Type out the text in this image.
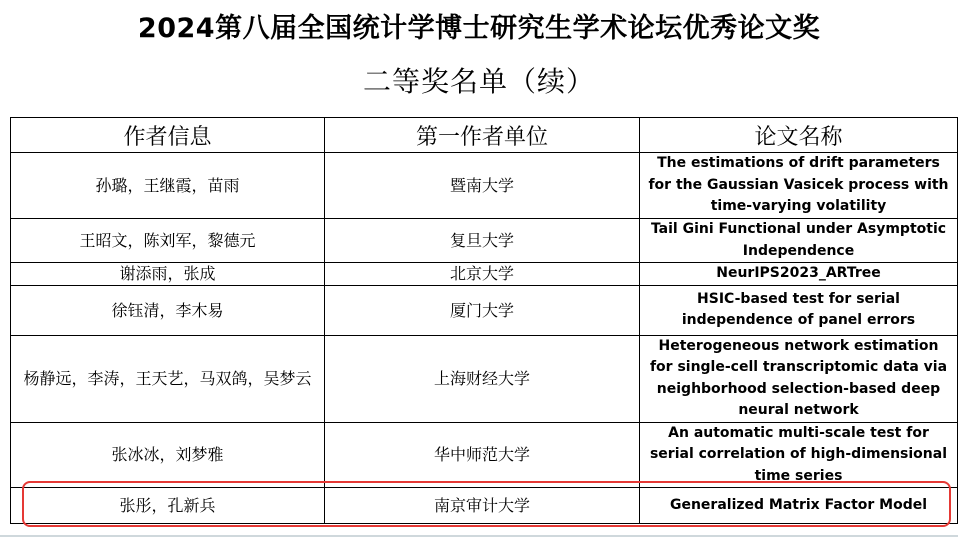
2024第八届全国统计学博士研究生学术论坛优秀论文奖
二等奖名单（续）
作者信息	第一作者单位	论文名称
孙璐，王继霞，苗雨	暨南大学	The estimations of drift parameters for the Gaussian Vasicek process with time-varying volatility
王昭文，陈刘军，黎德元	复旦大学	Tail Gini Functional under Asymptotic Independence
谢添雨，张成	北京大学	NeurIPS2023_ARTree
徐钰清，李木易	厦门大学	HSIC-based test for serial independence of panel errors
杨静远，李涛，王天艺，马双鸽，吴梦云	上海财经大学	Heterogeneous network estimation for single-cell transcriptomic data via neighborhood selection-based deep neural network
张冰冰，刘梦雅	华中师范大学	An automatic multi-scale test for serial correlation of high-dimensional time series
张彤，孔新兵	南京审计大学	Generalized Matrix Factor Model
